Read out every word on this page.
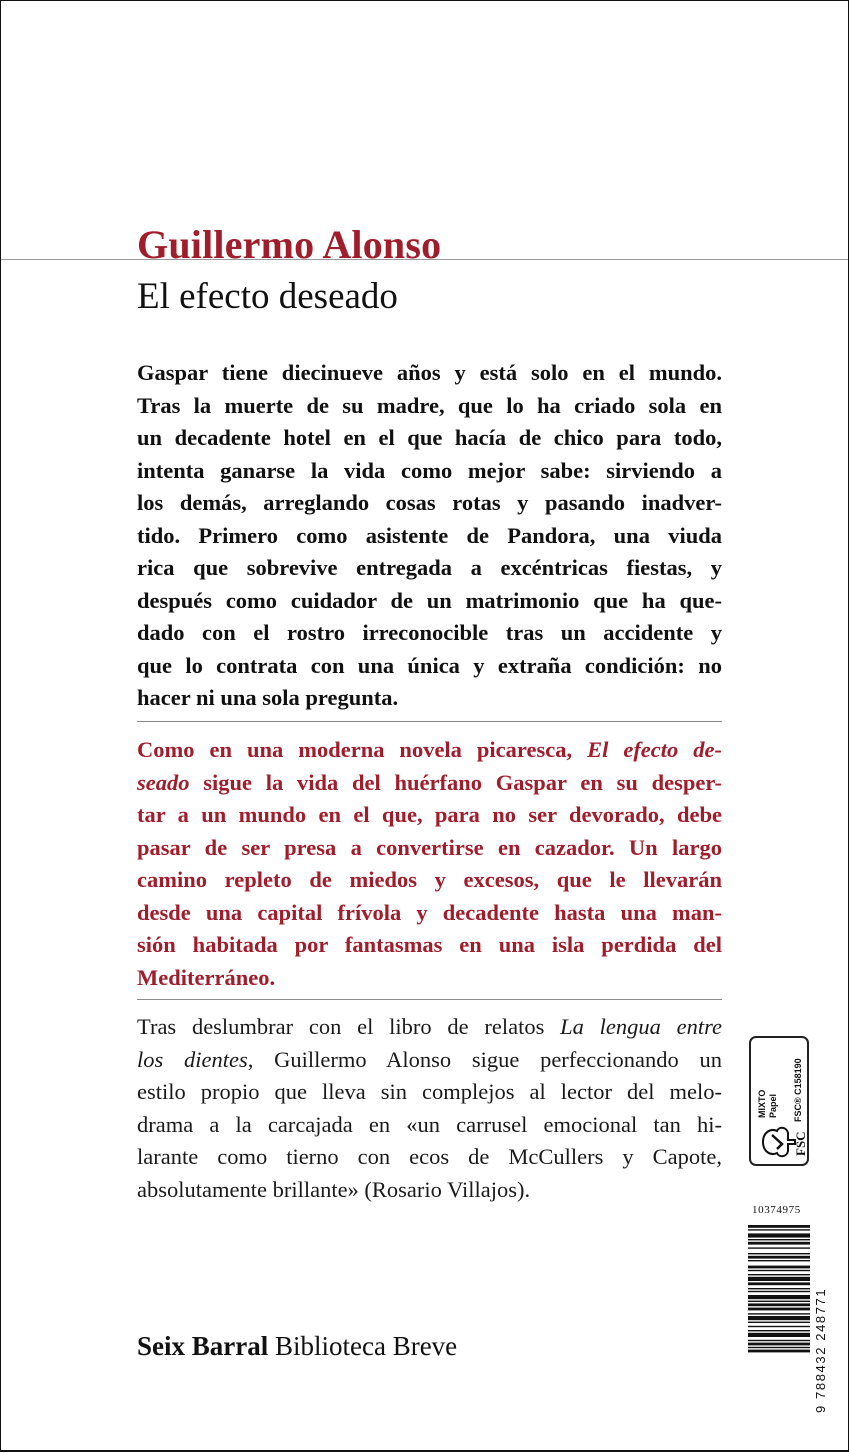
Guillermo Alonso
El efecto deseado
Gaspar tiene diecinueve años y está solo en el mundo.
Tras la muerte de su madre, que lo ha criado sola en
un decadente hotel en el que hacía de chico para todo,
intenta ganarse la vida como mejor sabe: sirviendo a
los demás, arreglando cosas rotas y pasando inadver-
tido. Primero como asistente de Pandora, una viuda
rica que sobrevive entregada a excéntricas fiestas, y
después como cuidador de un matrimonio que ha que-
dado con el rostro irreconocible tras un accidente y
que lo contrata con una única y extraña condición: no
hacer ni una sola pregunta.
Como en una moderna novela picaresca, El efecto de-
seado sigue la vida del huérfano Gaspar en su desper-
tar a un mundo en el que, para no ser devorado, debe
pasar de ser presa a convertirse en cazador. Un largo
camino repleto de miedos y excesos, que le llevarán
desde una capital frívola y decadente hasta una man-
sión habitada por fantasmas en una isla perdida del
Mediterráneo.
Tras deslumbrar con el libro de relatos La lengua entre
los dientes, Guillermo Alonso sigue perfeccionando un
estilo propio que lleva sin complejos al lector del melo-
drama a la carcajada en «un carrusel emocional tan hi-
larante como tierno con ecos de McCullers y Capote,
absolutamente brillante» (Rosario Villajos).
MIXTO Papel
FSC
FSC® C158190
10374975
9 788432 248771
Seix Barral Biblioteca Breve
